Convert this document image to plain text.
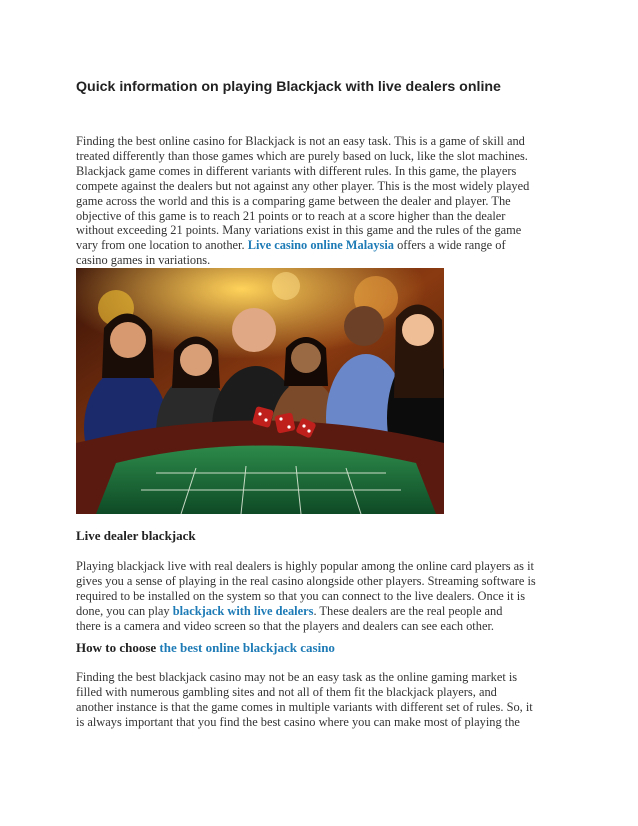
Quick information on playing Blackjack with live dealers online
Finding the best online casino for Blackjack is not an easy task. This is a game of skill and
treated differently than those games which are purely based on luck, like the slot machines.
Blackjack game comes in different variants with different rules. In this game, the players
compete against the dealers but not against any other player. This is the most widely played
game across the world and this is a comparing game between the dealer and player. The
objective of this game is to reach 21 points or to reach at a score higher than the dealer
without exceeding 21 points. Many variations exist in this game and the rules of the game
vary from one location to another. Live casino online Malaysia offers a wide range of
casino games in variations.
Live dealer blackjack
Playing blackjack live with real dealers is highly popular among the online card players as it
gives you a sense of playing in the real casino alongside other players. Streaming software is
required to be installed on the system so that you can connect to the live dealers. Once it is
done, you can play blackjack with live dealers. These dealers are the real people and
there is a camera and video screen so that the players and dealers can see each other.
How to choose the best online blackjack casino
Finding the best blackjack casino may not be an easy task as the online gaming market is
filled with numerous gambling sites and not all of them fit the blackjack players, and
another instance is that the game comes in multiple variants with different set of rules. So, it
is always important that you find the best casino where you can make most of playing the
